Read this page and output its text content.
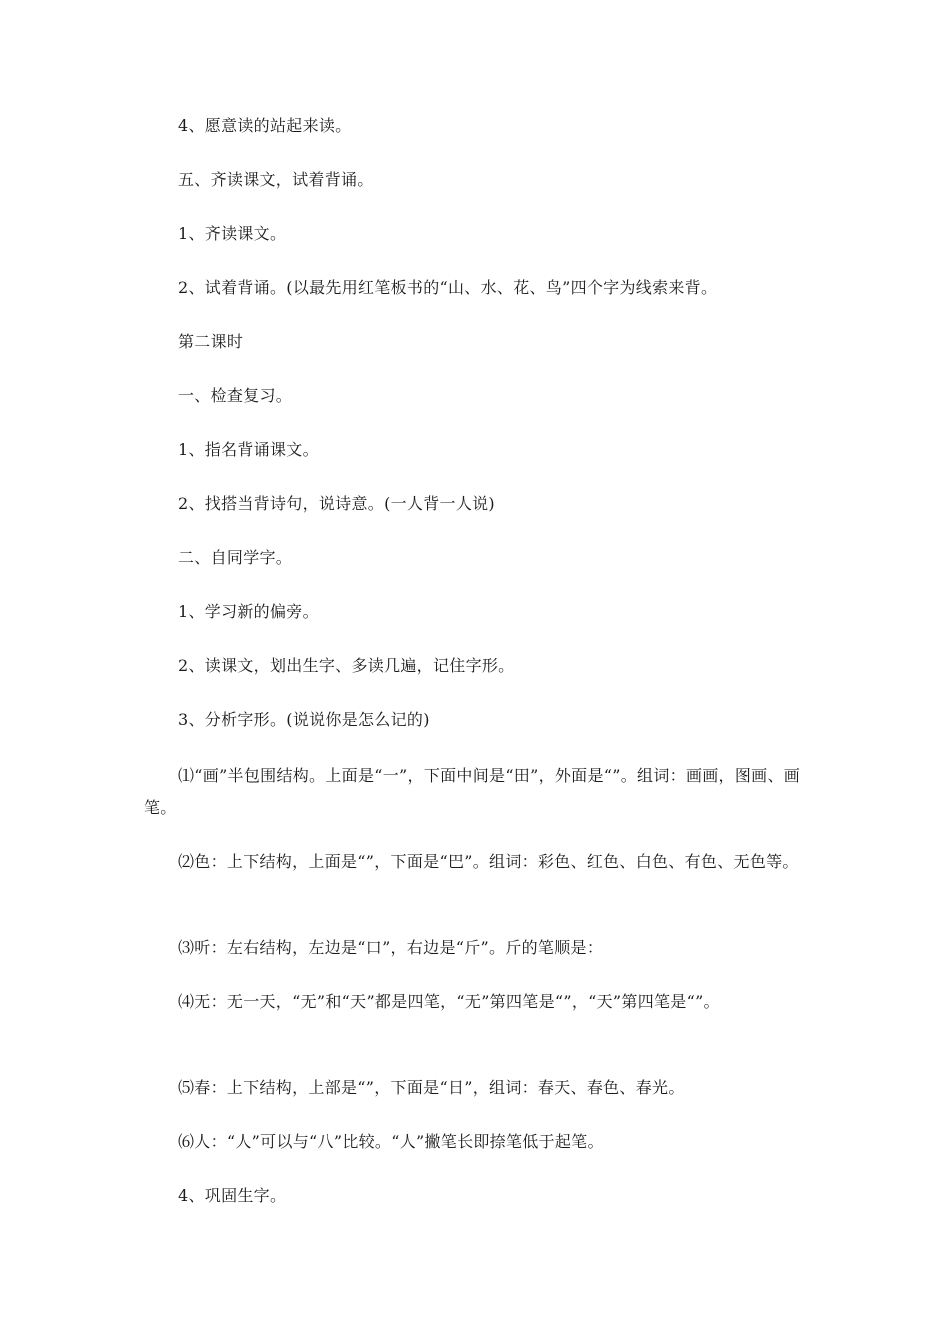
4、愿意读的站起来读。
五、齐读课文，试着背诵。
1、齐读课文。
2、试着背诵。(以最先用红笔板书的“山、水、花、鸟”四个字为线索来背。
第二课时
一、检查复习。
1、指名背诵课文。
2、找搭当背诗句，说诗意。(一人背一人说)
二、自同学字。
1、学习新的偏旁。
2、读课文，划出生字、多读几遍，记住字形。
3、分析字形。(说说你是怎么记的)
⑴“画”半包围结构。上面是“一”，下面中间是“田”，外面是“”。组词：画画，图画、画笔。
⑵色：上下结构，上面是“”，下面是“巴”。组词：彩色、红色、白色、有色、无色等。
⑶听：左右结构，左边是“口”，右边是“斤”。斤的笔顺是：
⑷无：无一天，“无”和“天”都是四笔，“无”第四笔是“”，“天”第四笔是“”。
⑸春：上下结构，上部是“”，下面是“日”，组词：春天、春色、春光。
⑹人：“人”可以与“八”比较。“人”撇笔长即捺笔低于起笔。
4、巩固生字。
